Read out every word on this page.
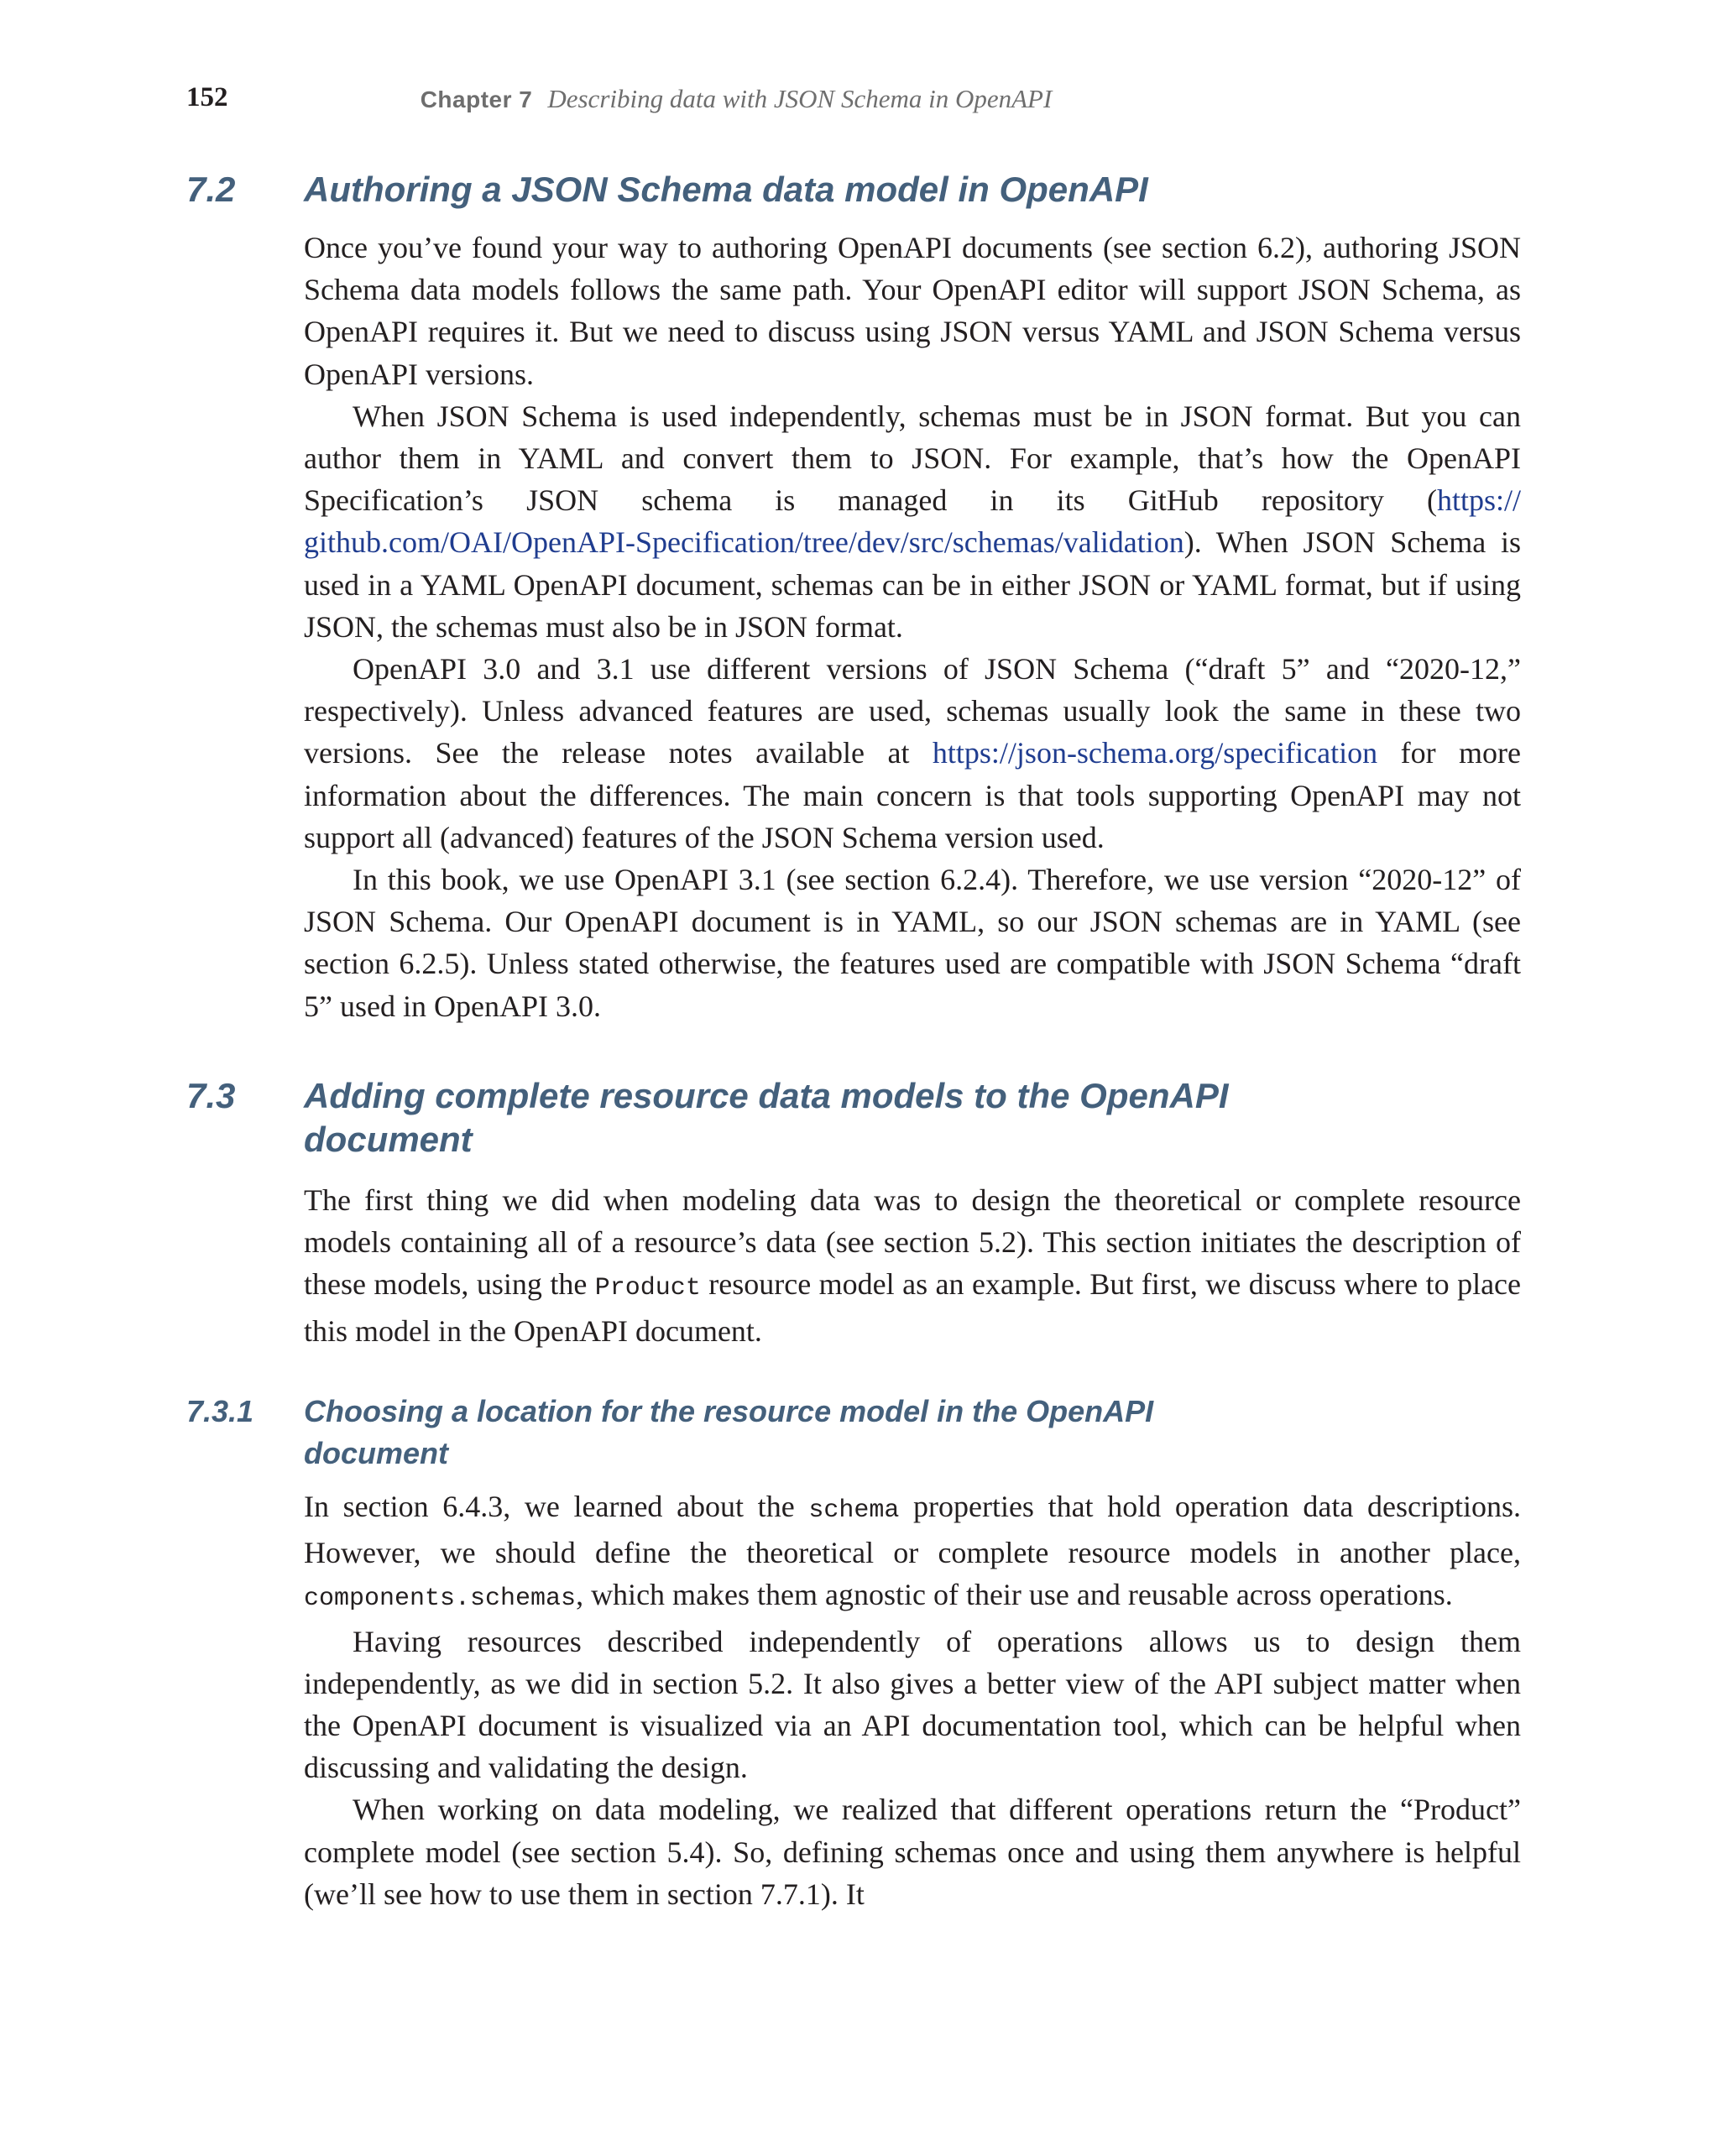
152	Chapter 7 Describing data with JSON Schema in OpenAPI
7.2 Authoring a JSON Schema data model in OpenAPI

Once you’ve found your way to authoring OpenAPI documents (see section 6.2), authoring JSON Schema data models follows the same path. Your OpenAPI editor will support JSON Schema, as OpenAPI requires it. But we need to discuss using JSON versus YAML and JSON Schema versus OpenAPI versions.

When JSON Schema is used independently, schemas must be in JSON format. But you can author them in YAML and convert them to JSON. For example, that’s how the OpenAPI Specification’s JSON schema is managed in its GitHub repository (https:// github.com/OAI/OpenAPI-Specification/tree/dev/src/schemas/validation). When JSON Schema is used in a YAML OpenAPI document, schemas can be in either JSON or YAML format, but if using JSON, the schemas must also be in JSON format.

OpenAPI 3.0 and 3.1 use different versions of JSON Schema (“draft 5” and “2020-12,” respectively). Unless advanced features are used, schemas usually look the same in these two versions. See the release notes available at https://json-schema.org/specification for more information about the differences. The main concern is that tools supporting OpenAPI may not support all (advanced) features of the JSON Schema version used.

In this book, we use OpenAPI 3.1 (see section 6.2.4). Therefore, we use version “2020-12” of JSON Schema. Our OpenAPI document is in YAML, so our JSON schemas are in YAML (see section 6.2.5). Unless stated otherwise, the features used are compatible with JSON Schema “draft 5” used in OpenAPI 3.0.

7.3 Adding complete resource data models to the OpenAPI
document

The first thing we did when modeling data was to design the theoretical or complete resource models containing all of a resource’s data (see section 5.2). This section initiates the description of these models, using the Product resource model as an example. But first, we discuss where to place this model in the OpenAPI document.

7.3.1 Choosing a location for the resource model in the OpenAPI
document

In section 6.4.3, we learned about the schema properties that hold operation data descriptions. However, we should define the theoretical or complete resource models in another place, components.schemas, which makes them agnostic of their use and reusable across operations.

Having resources described independently of operations allows us to design them independently, as we did in section 5.2. It also gives a better view of the API subject matter when the OpenAPI document is visualized via an API documentation tool, which can be helpful when discussing and validating the design.

When working on data modeling, we realized that different operations return the “Product” complete model (see section 5.4). So, defining schemas once and using them anywhere is helpful (we’ll see how to use them in section 7.7.1). It
